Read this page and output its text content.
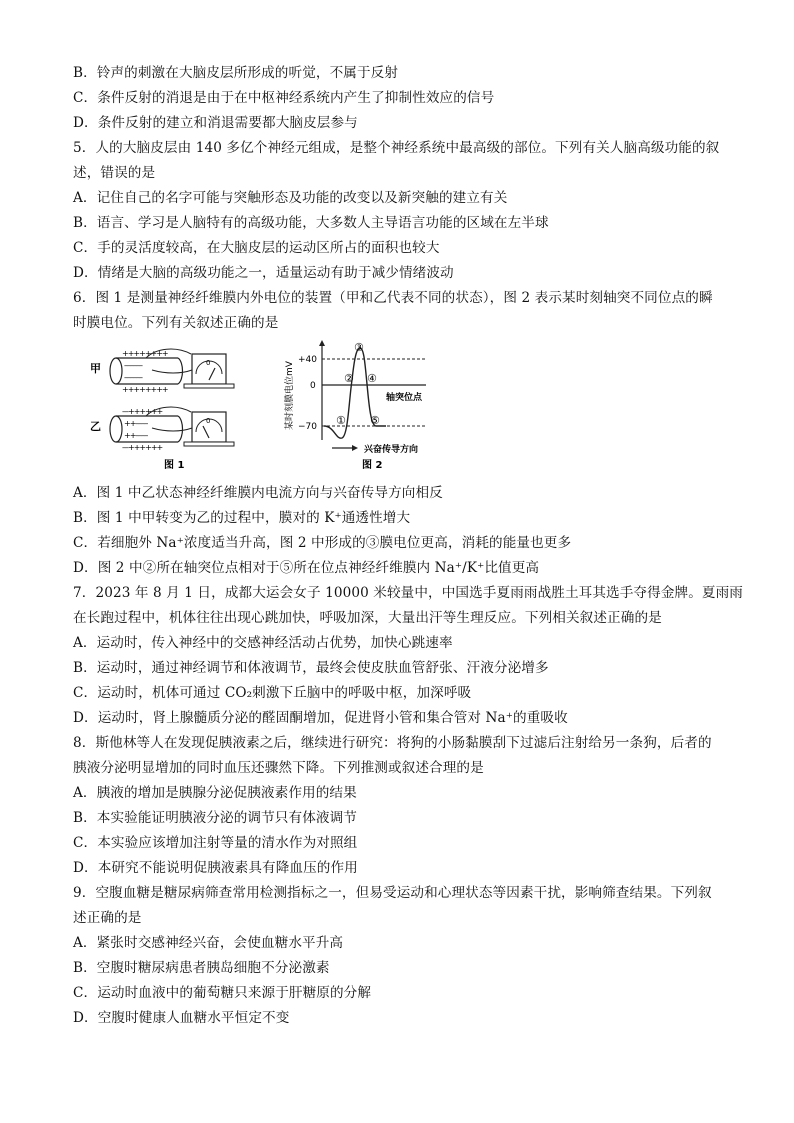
B．铃声的刺激在大脑皮层所形成的听觉，不属于反射
C．条件反射的消退是由于在中枢神经系统内产生了抑制性效应的信号
D．条件反射的建立和消退需要都大脑皮层参与
5．人的大脑皮层由 140 多亿个神经元组成，是整个神经系统中最高级的部位。下列有关人脑高级功能的叙
述，错误的是
A．记住自己的名字可能与突触形态及功能的改变以及新突触的建立有关
B．语言、学习是人脑特有的高级功能，大多数人主导语言功能的区域在左半球
C．手的灵活度较高，在大脑皮层的运动区所占的面积也较大
D．情绪是大脑的高级功能之一，适量运动有助于减少情绪波动
6．图 1 是测量神经纤维膜内外电位的装置（甲和乙代表不同的状态），图 2 表示某时刻轴突不同位点的瞬
时膜电位。下列有关叙述正确的是
甲
++++++++
––––––
––––––
++++++++
0
乙
––++++++
++––––
++––––
––++++++
0
图 1
某时刻膜电位mV
+40
0
−70 ①
②
③
④
⑤
轴突位点
兴奋传导方向
图 2
A．图 1 中乙状态神经纤维膜内电流方向与兴奋传导方向相反
B．图 1 中甲转变为乙的过程中，膜对的 K⁺通透性增大
C．若细胞外 Na⁺浓度适当升高，图 2 中形成的③膜电位更高，消耗的能量也更多
D．图 2 中②所在轴突位点相对于⑤所在位点神经纤维膜内 Na⁺/K⁺比值更高
7．2023 年 8 月 1 日，成都大运会女子 10000 米较量中，中国选手夏雨雨战胜土耳其选手夺得金牌。夏雨雨
在长跑过程中，机体往往出现心跳加快，呼吸加深，大量出汗等生理反应。下列相关叙述正确的是
A．运动时，传入神经中的交感神经活动占优势，加快心跳速率
B．运动时，通过神经调节和体液调节，最终会使皮肤血管舒张、汗液分泌增多
C．运动时，机体可通过 CO₂刺激下丘脑中的呼吸中枢，加深呼吸
D．运动时，肾上腺髓质分泌的醛固酮增加，促进肾小管和集合管对 Na⁺的重吸收
8．斯他林等人在发现促胰液素之后，继续进行研究：将狗的小肠黏膜刮下过滤后注射给另一条狗，后者的
胰液分泌明显增加的同时血压还骤然下降。下列推测或叙述合理的是
A．胰液的增加是胰腺分泌促胰液素作用的结果
B．本实验能证明胰液分泌的调节只有体液调节
C．本实验应该增加注射等量的清水作为对照组
D．本研究不能说明促胰液素具有降血压的作用
9．空腹血糖是糖尿病筛查常用检测指标之一，但易受运动和心理状态等因素干扰，影响筛查结果。下列叙
述正确的是
A．紧张时交感神经兴奋，会使血糖水平升高
B．空腹时糖尿病患者胰岛细胞不分泌激素
C．运动时血液中的葡萄糖只来源于肝糖原的分解
D．空腹时健康人血糖水平恒定不变
